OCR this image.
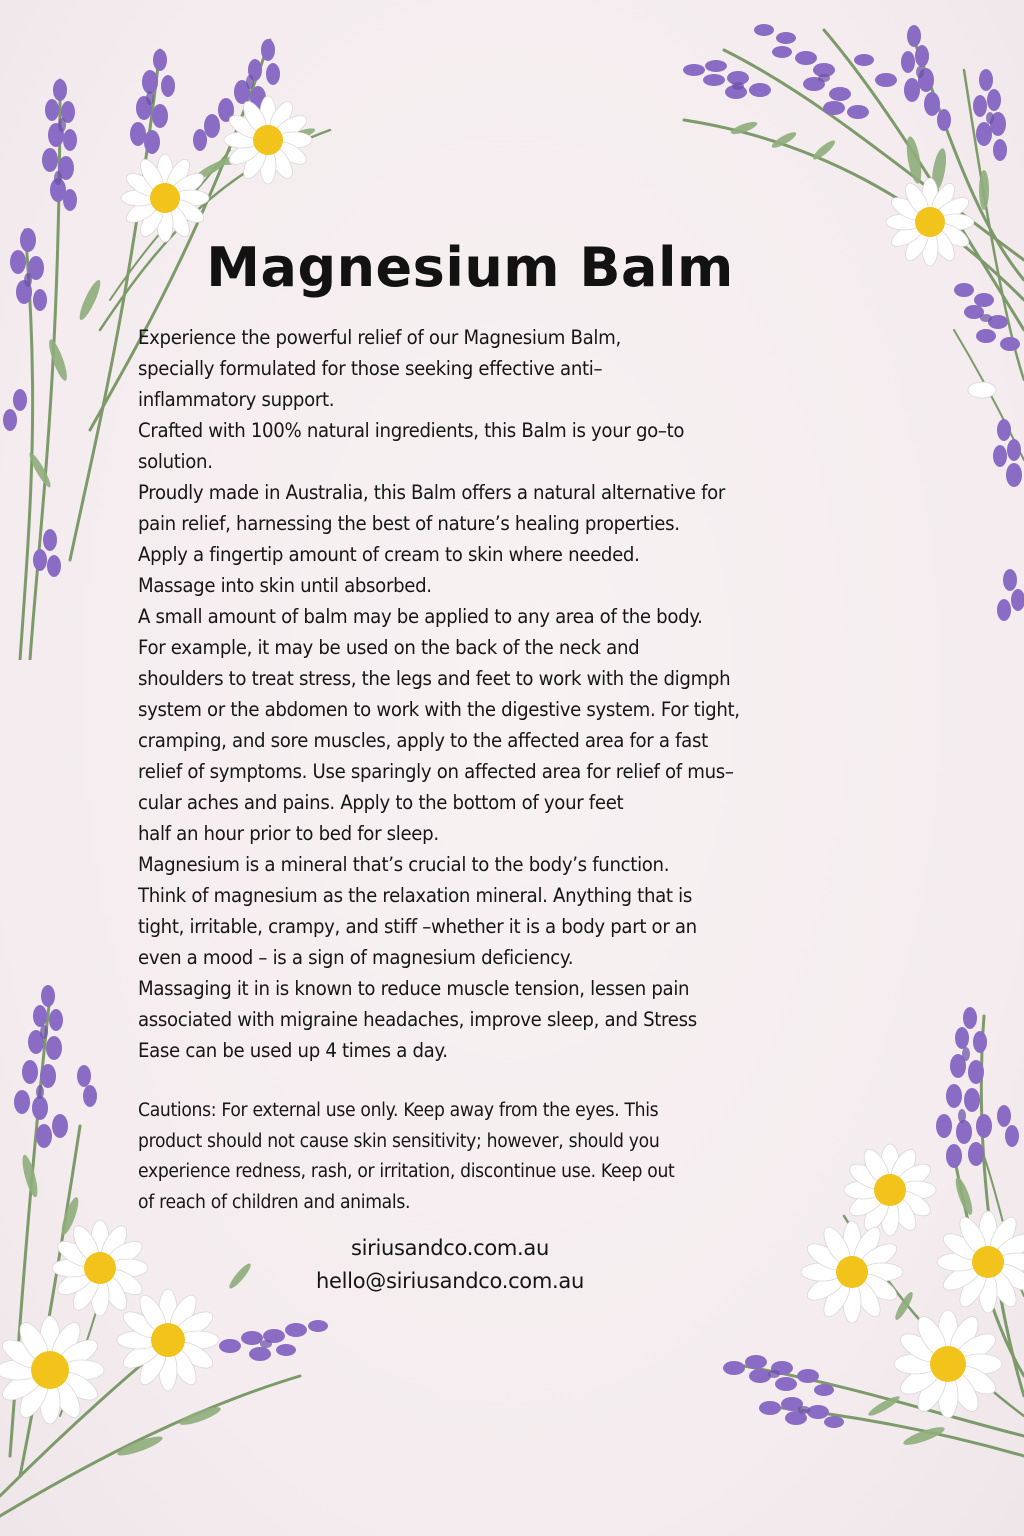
Magnesium Balm
Experience the powerful relief of our Magnesium Balm,
specially formulated for those seeking effective anti–
inflammatory support.
Crafted with 100% natural ingredients, this Balm is your go–to
solution.
Proudly made in Australia, this Balm offers a natural alternative for
pain relief, harnessing the best of nature’s healing properties.
Apply a fingertip amount of cream to skin where needed.
Massage into skin until absorbed.
A small amount of balm may be applied to any area of the body.
For example, it may be used on the back of the neck and
shoulders to treat stress, the legs and feet to work with the digmph
system or the abdomen to work with the digestive system. For tight,
cramping, and sore muscles, apply to the affected area for a fast
relief of symptoms. Use sparingly on affected area for relief of mus–
cular aches and pains. Apply to the bottom of your feet
half an hour prior to bed for sleep.
Magnesium is a mineral that’s crucial to the body’s function.
Think of magnesium as the relaxation mineral. Anything that is
tight, irritable, crampy, and stiff –whether it is a body part or an
even a mood – is a sign of magnesium deficiency.
Massaging it in is known to reduce muscle tension, lessen pain
associated with migraine headaches, improve sleep, and Stress
Ease can be used up 4 times a day.
Cautions: For external use only. Keep away from the eyes. This
product should not cause skin sensitivity; however, should you
experience redness, rash, or irritation, discontinue use. Keep out
of reach of children and animals.
siriusandco.com.au
hello@siriusandco.com.au
